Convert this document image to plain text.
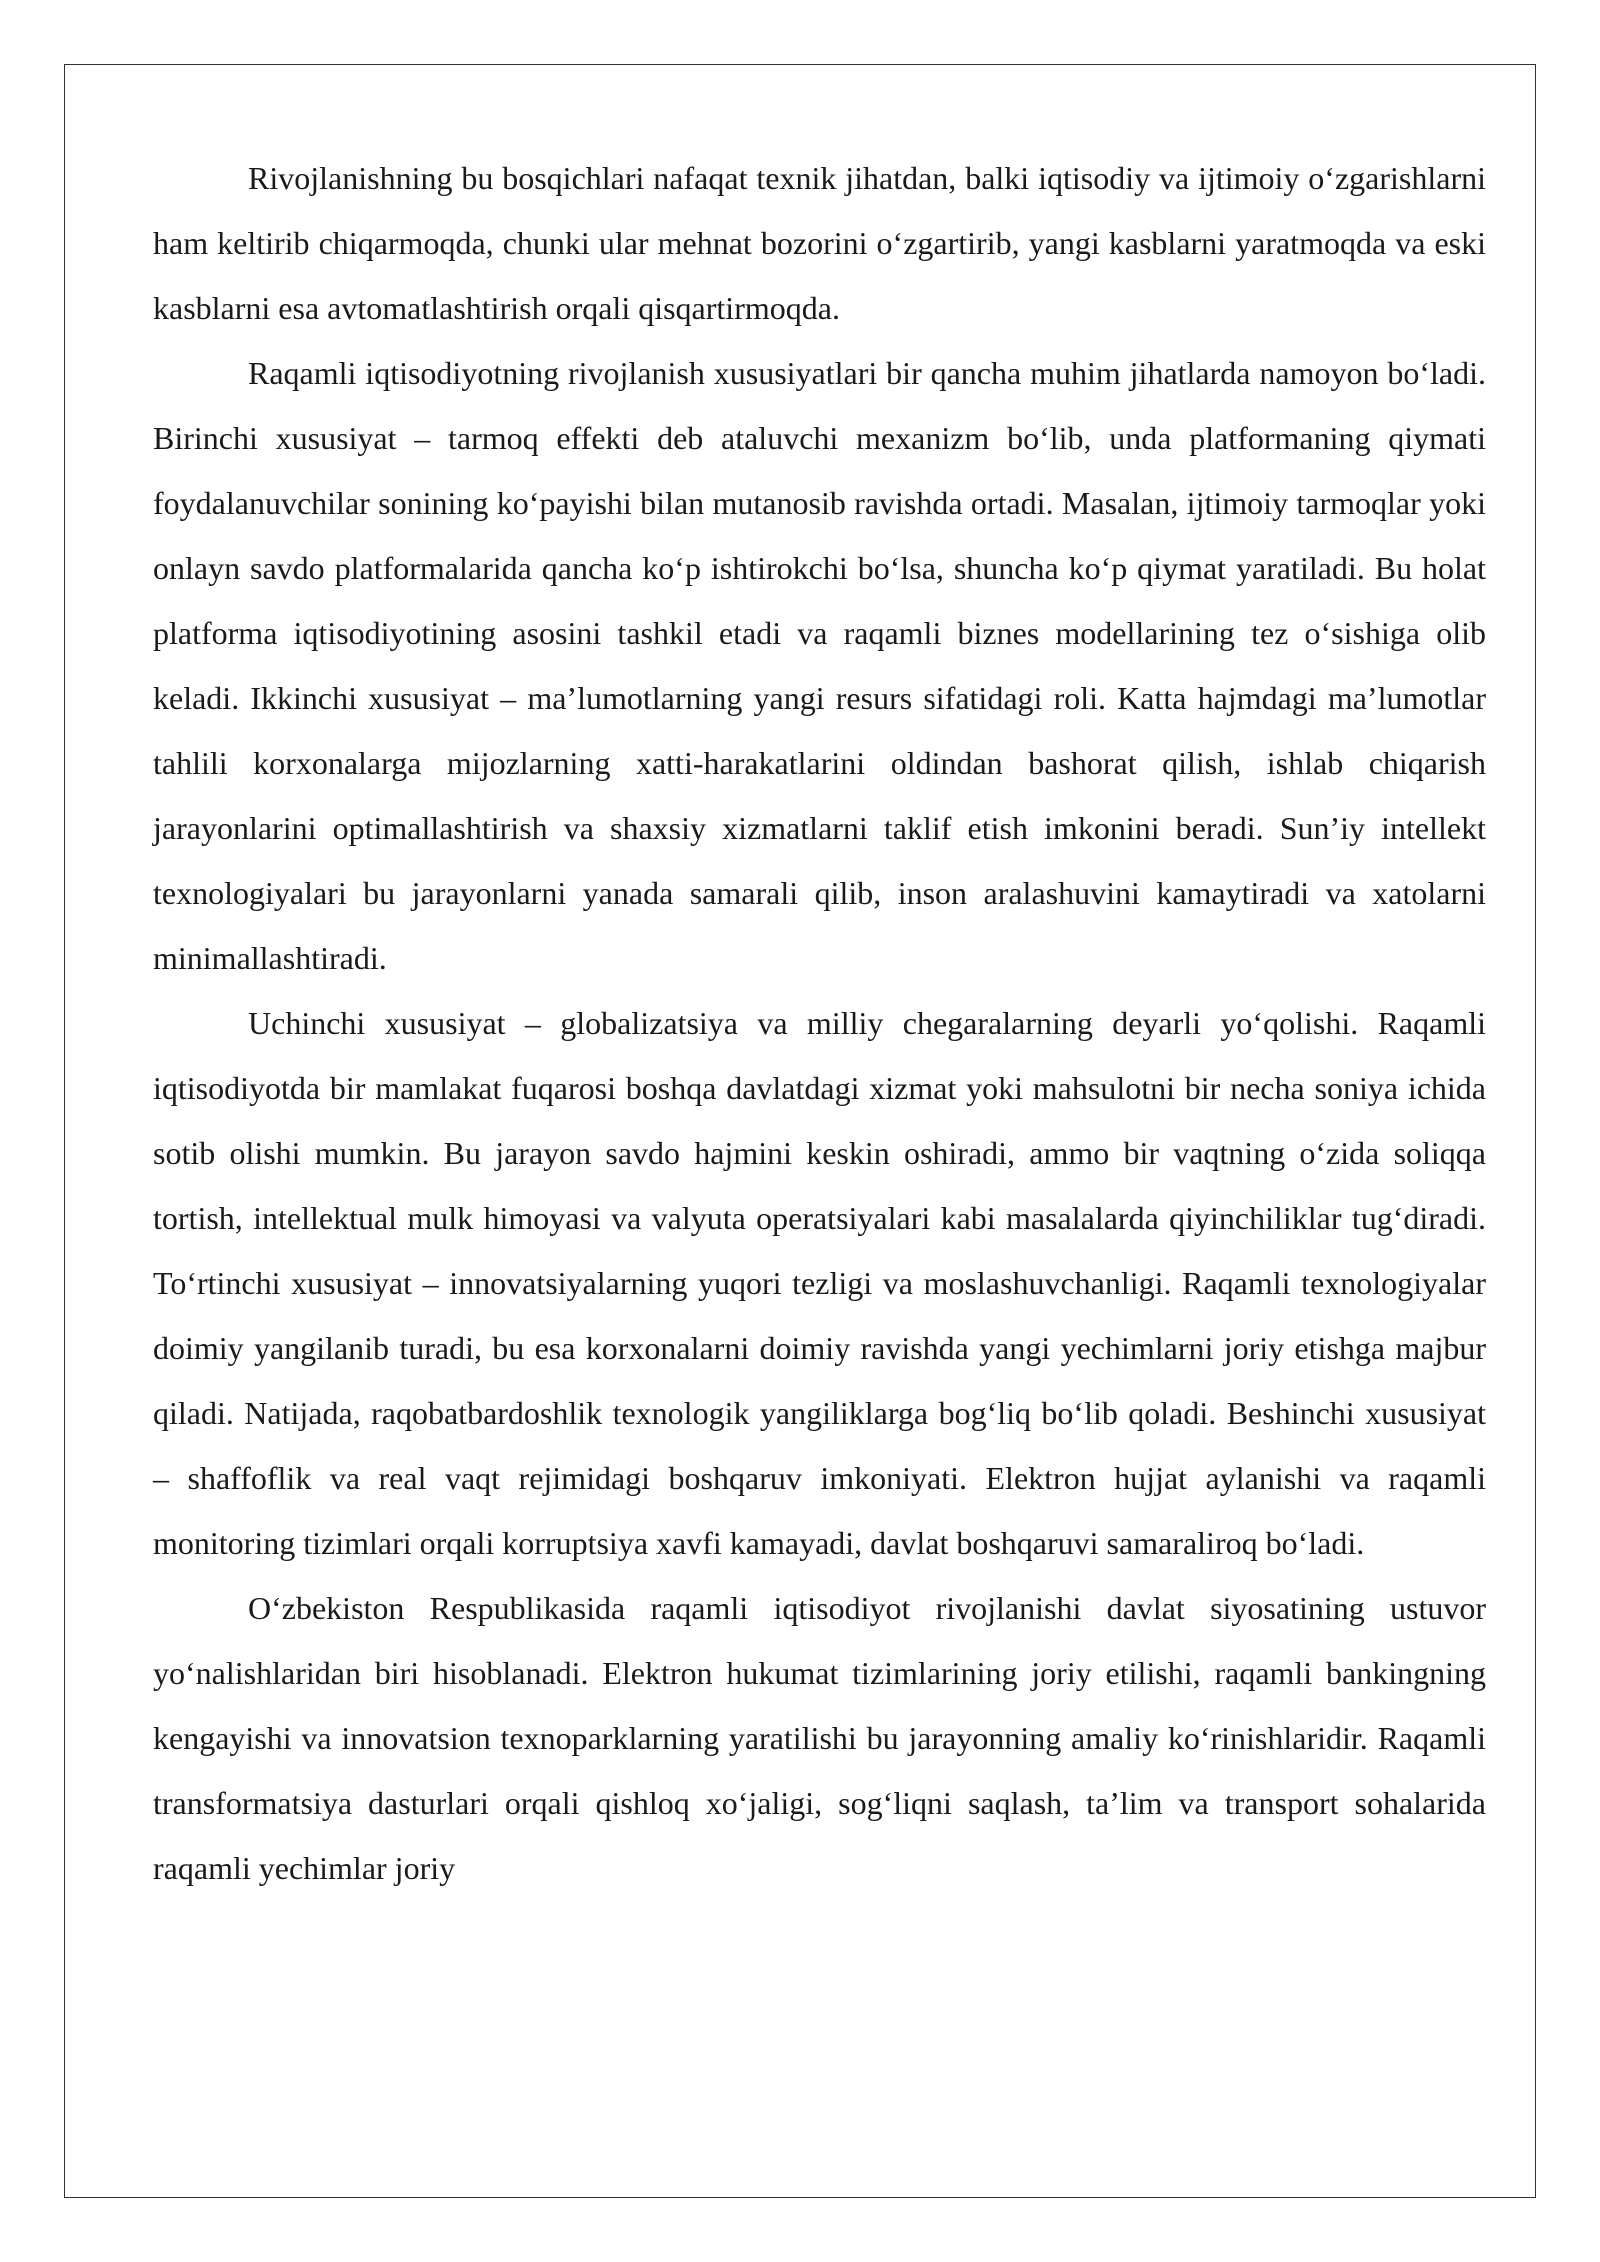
Rivojlanishning bu bosqichlari nafaqat texnik jihatdan, balki iqtisodiy va ijtimoiy o‘zgarishlarni ham keltirib chiqarmoqda, chunki ular mehnat bozorini o‘zgartirib, yangi kasblarni yaratmoqda va eski kasblarni esa avtomatlashtirish orqali qisqartirmoqda.

Raqamli iqtisodiyotning rivojlanish xususiyatlari bir qancha muhim jihatlarda namoyon bo‘ladi. Birinchi xususiyat – tarmoq effekti deb ataluvchi mexanizm bo‘lib, unda platformaning qiymati foydalanuvchilar sonining ko‘payishi bilan mutanosib ravishda ortadi. Masalan, ijtimoiy tarmoqlar yoki onlayn savdo platformalarida qancha ko‘p ishtirokchi bo‘lsa, shuncha ko‘p qiymat yaratiladi. Bu holat platforma iqtisodiyotining asosini tashkil etadi va raqamli biznes modellarining tez o‘sishiga olib keladi. Ikkinchi xususiyat – ma’lumotlarning yangi resurs sifatidagi roli. Katta hajmdagi ma’lumotlar tahlili korxonalarga mijozlarning xatti-harakatlarini oldindan bashorat qilish, ishlab chiqarish jarayonlarini optimallashtirish va shaxsiy xizmatlarni taklif etish imkonini beradi. Sun’iy intellekt texnologiyalari bu jarayonlarni yanada samarali qilib, inson aralashuvini kamaytiradi va xatolarni minimallashtiradi.

Uchinchi xususiyat – globalizatsiya va milliy chegaralarning deyarli yo‘qolishi. Raqamli iqtisodiyotda bir mamlakat fuqarosi boshqa davlatdagi xizmat yoki mahsulotni bir necha soniya ichida sotib olishi mumkin. Bu jarayon savdo hajmini keskin oshiradi, ammo bir vaqtning o‘zida soliqqa tortish, intellektual mulk himoyasi va valyuta operatsiyalari kabi masalalarda qiyinchiliklar tug‘diradi. To‘rtinchi xususiyat – innovatsiyalarning yuqori tezligi va moslashuvchanligi. Raqamli texnologiyalar doimiy yangilanib turadi, bu esa korxonalarni doimiy ravishda yangi yechimlarni joriy etishga majbur qiladi. Natijada, raqobatbardoshlik texnologik yangiliklarga bog‘liq bo‘lib qoladi. Beshinchi xususiyat – shaffoflik va real vaqt rejimidagi boshqaruv imkoniyati. Elektron hujjat aylanishi va raqamli monitoring tizimlari orqali korruptsiya xavfi kamayadi, davlat boshqaruvi samaraliroq bo‘ladi.

O‘zbekiston Respublikasida raqamli iqtisodiyot rivojlanishi davlat siyosatining ustuvor yo‘nalishlaridan biri hisoblanadi. Elektron hukumat tizimlarining joriy etilishi, raqamli bankingning kengayishi va innovatsion texnoparklarning yaratilishi bu jarayonning amaliy ko‘rinishlaridir. Raqamli transformatsiya dasturlari orqali qishloq xo‘jaligi, sog‘liqni saqlash, ta’lim va transport sohalarida raqamli yechimlar joriy
